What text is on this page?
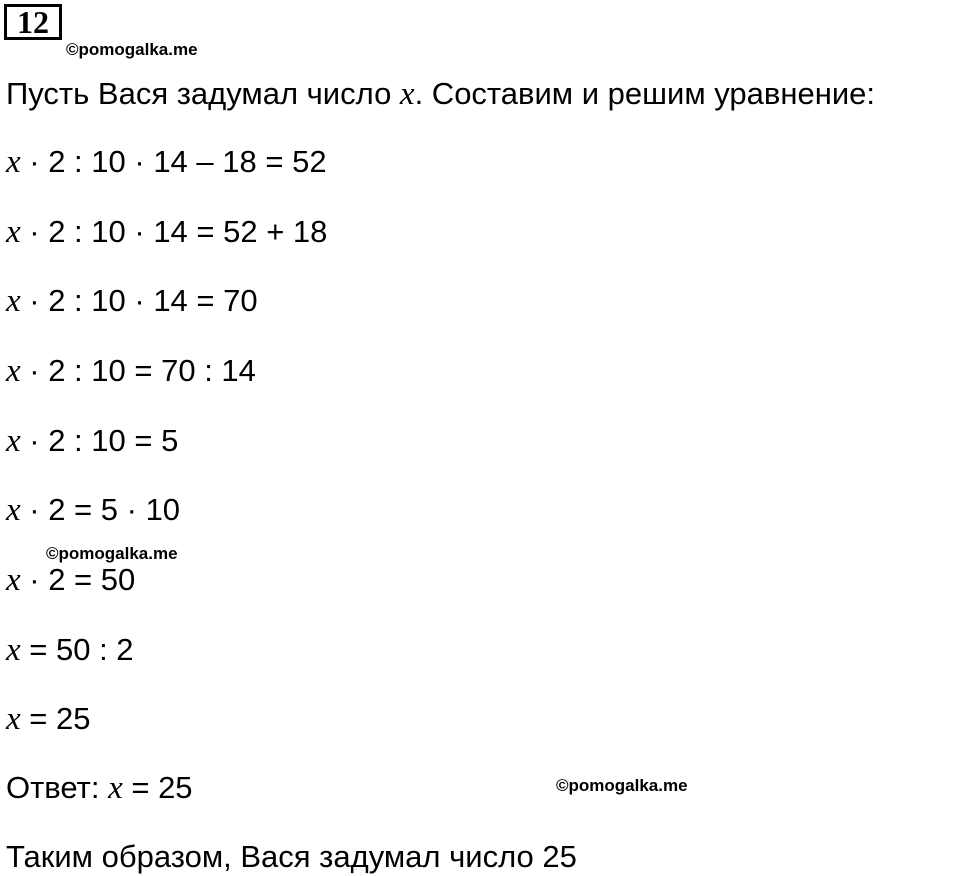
12
©pomogalka.me
Пусть Вася задумал число x. Составим и решим уравнение:
x · 2 : 10 · 14 – 18 = 52
x · 2 : 10 · 14 = 52 + 18
x · 2 : 10 · 14 = 70
x · 2 : 10 = 70 : 14
x · 2 : 10 = 5
x · 2 = 5 · 10
x · 2 = 50
©pomogalka.me
x = 50 : 2
x = 25
Ответ: x = 25	©pomogalka.me
Таким образом, Вася задумал число 25
